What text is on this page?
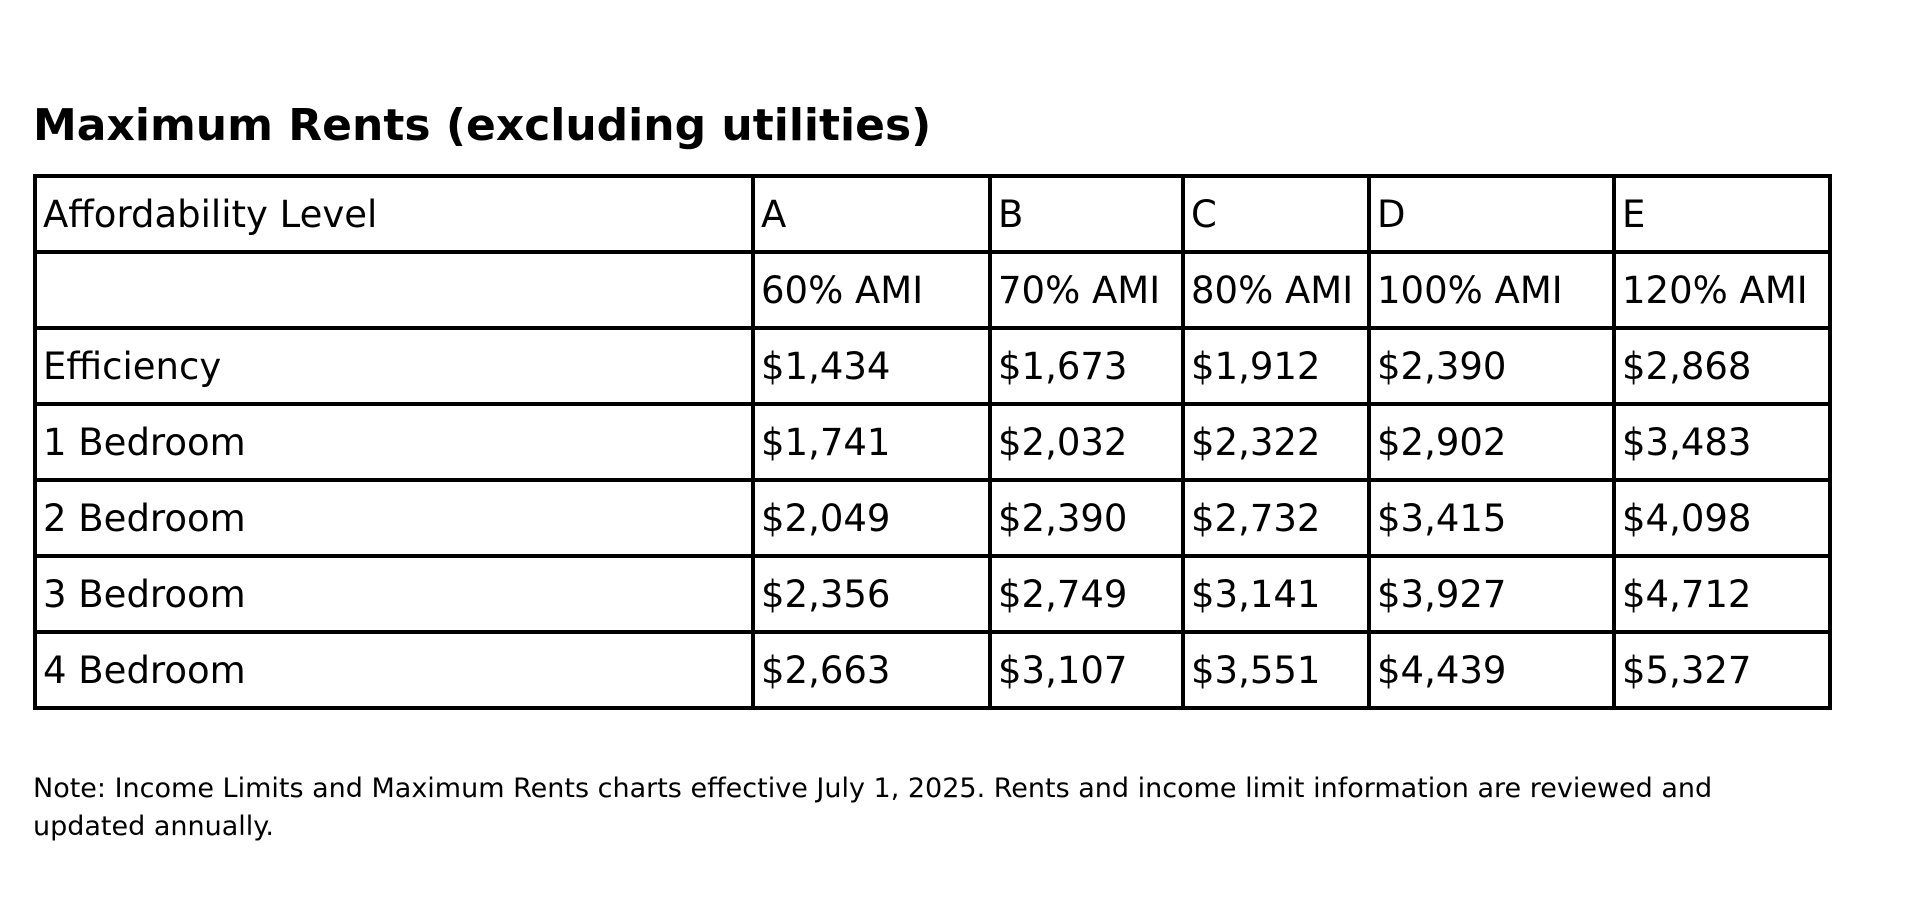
Maximum Rents (excluding utilities)
Affordability Level	A	B	C	D	E
	60% AMI	70% AMI	80% AMI	100% AMI	120% AMI
Efficiency	$1,434	$1,673	$1,912	$2,390	$2,868
1 Bedroom	$1,741	$2,032	$2,322	$2,902	$3,483
2 Bedroom	$2,049	$2,390	$2,732	$3,415	$4,098
3 Bedroom	$2,356	$2,749	$3,141	$3,927	$4,712
4 Bedroom	$2,663	$3,107	$3,551	$4,439	$5,327

Note: Income Limits and Maximum Rents charts effective July 1, 2025. Rents and income limit information are reviewed and updated annually.
